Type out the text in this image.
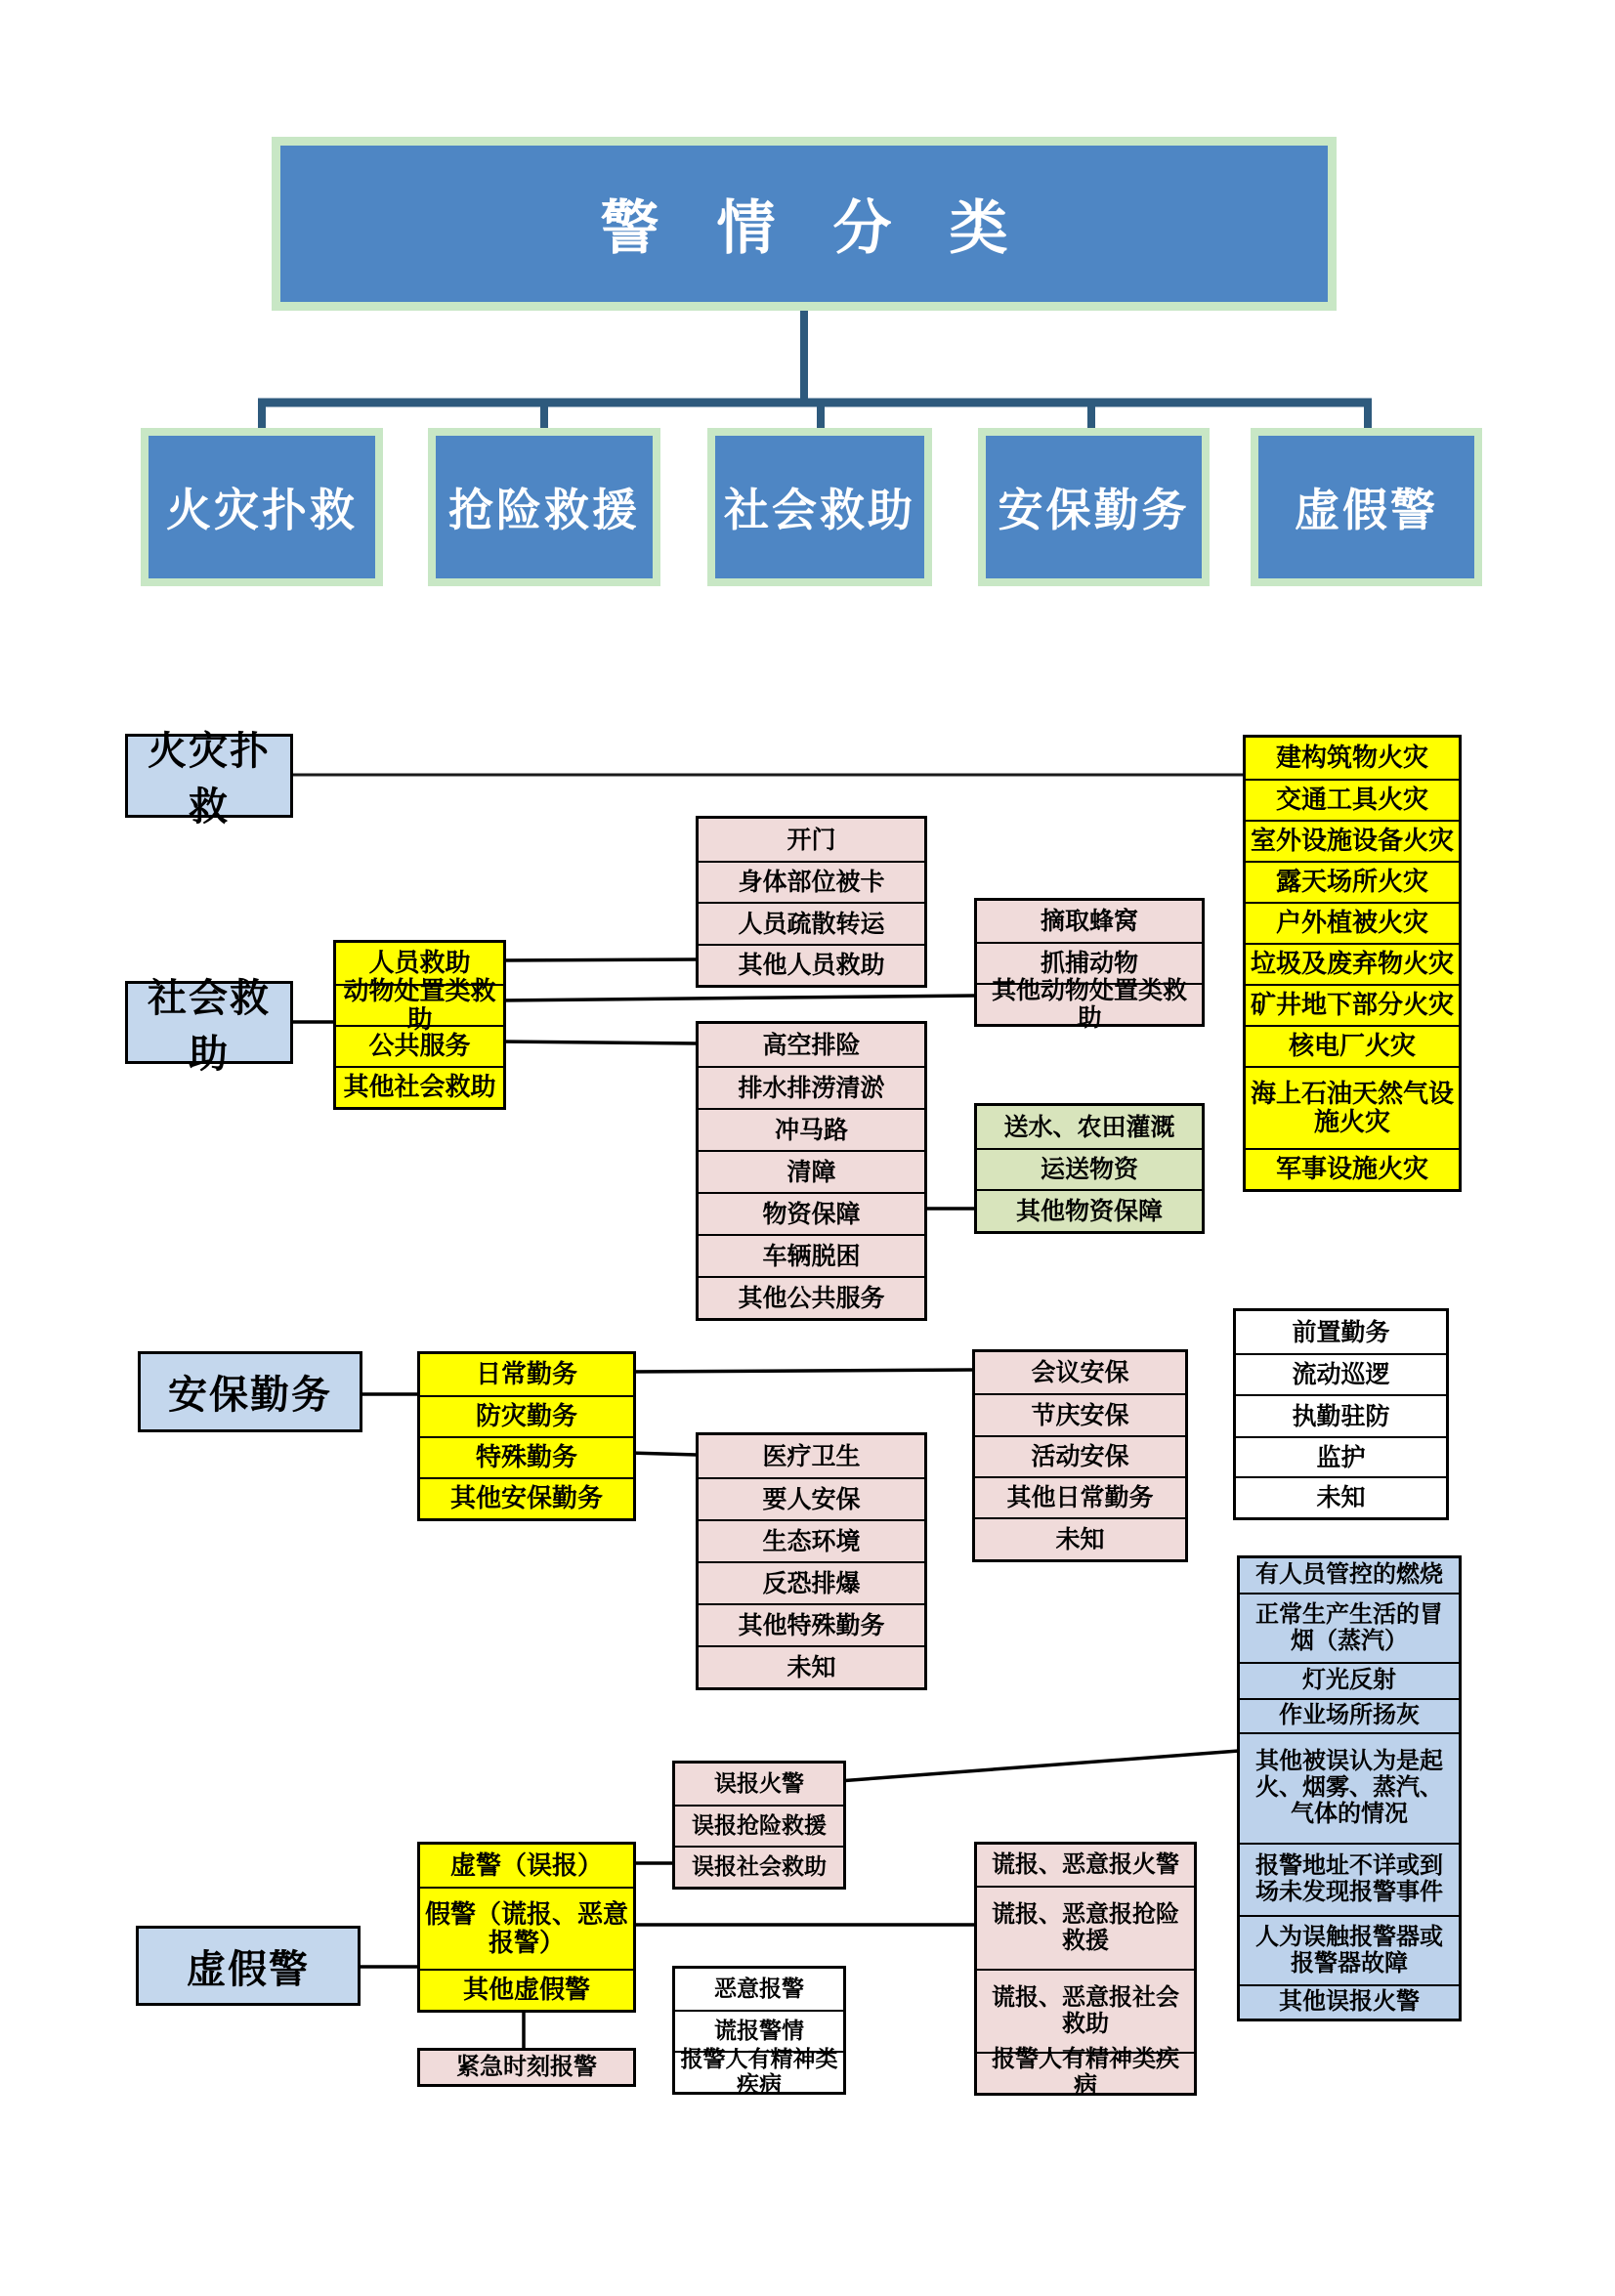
警 情 分 类
火灾扑救	抢险救援	社会救助	安保勤务	虚假警
火灾扑救
社会救助
安保勤务
虚假警
建构筑物火灾
交通工具火灾
室外设施设备火灾
露天场所火灾
户外植被火灾
垃圾及废弃物火灾
矿井地下部分火灾
核电厂火灾
海上石油天然气设施火灾
军事设施火灾
人员救助
动物处置类救助
公共服务
其他社会救助
开门
身体部位被卡
人员疏散转运
其他人员救助
摘取蜂窝
抓捕动物
其他动物处置类救助
高空排险
排水排涝清淤
冲马路
清障
物资保障
车辆脱困
其他公共服务
送水、农田灌溉
运送物资
其他物资保障
日常勤务
防灾勤务
特殊勤务
其他安保勤务
医疗卫生
要人安保
生态环境
反恐排爆
其他特殊勤务
未知
会议安保
节庆安保
活动安保
其他日常勤务
未知
前置勤务
流动巡逻
执勤驻防
监护
未知
有人员管控的燃烧
正常生产生活的冒烟（蒸汽）
灯光反射
作业场所扬灰
其他被误认为是起火、烟雾、蒸汽、气体的情况
报警地址不详或到场未发现报警事件
人为误触报警器或报警器故障
其他误报火警
虚警（误报）
假警（谎报、恶意报警）
其他虚假警
误报火警
误报抢险救援
误报社会救助
恶意报警
谎报警情
报警人有精神类疾病
谎报、恶意报火警
谎报、恶意报抢险救援
谎报、恶意报社会救助
报警人有精神类疾病
紧急时刻报警
